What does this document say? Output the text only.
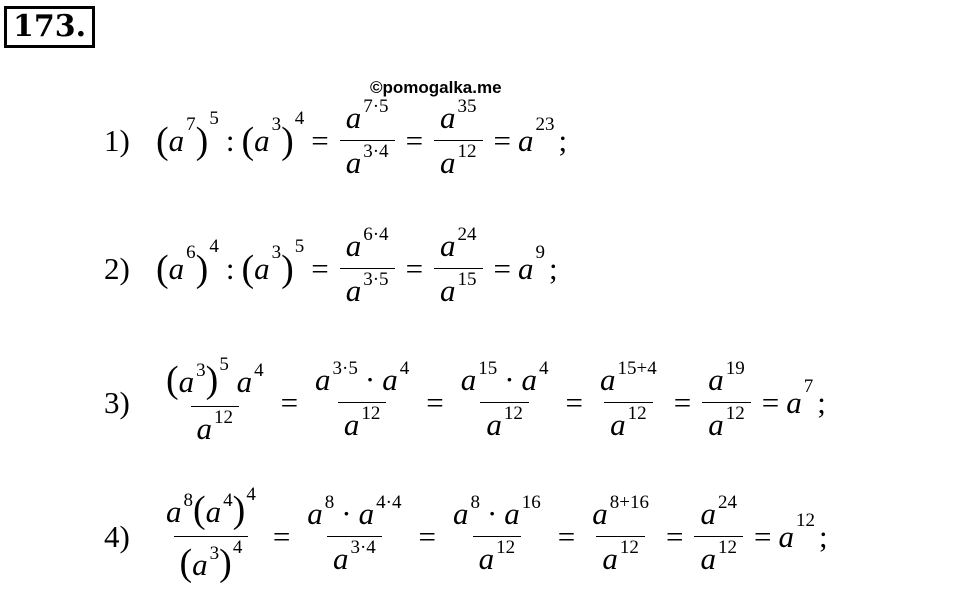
173.
©pomogalka.me
1) ( a 7 )
5
: ( a 3 )
4
= $\frac{a ^{7\cdot 5}}{a ^{3\cdot 4}} = \frac{a ^{35}}{a ^{12}} = a$ 23 ;
2) ( a 6 )
4
: ( a 3 )
5
= $\frac{a ^{6\cdot 4}}{a ^{3\cdot 5}} = \frac{a ^{24}}{a ^{15}} = a$ 9 ;
$3) \frac{(a ^3)^5 a ^4}{a ^{12}} = \frac{a ^{3\cdot 5} \cdot a ^4}{a ^{12}} = \frac{a ^{15} \cdot a ^4}{a ^{12}} = \frac{a ^{15+4}}{a ^{12}} = \frac{a ^{19}}{a ^{12}} = a$ 7 ;
$4) \frac{a ^8(a ^4)^4}{(a ^3)^4} = \frac{a ^8 \cdot a ^{4\cdot 4}}{a ^{3\cdot 4}} = \frac{a ^8 \cdot a ^{16}}{a ^{12}} = \frac{a ^{8+16}}{a ^{12}} = \frac{a ^{24}}{a ^{12}} = a$ 12 ;
